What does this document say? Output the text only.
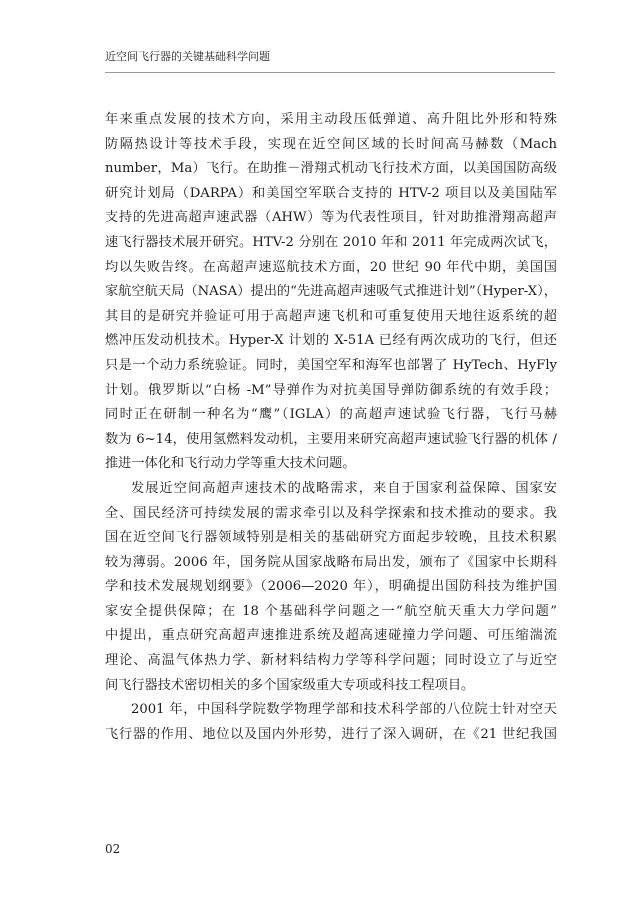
近空间飞行器的关键基础科学问题
年来重点发展的技术方向，采用主动段压低弹道、高升阻比外形和特殊
防隔热设计等技术手段，实现在近空间区域的长时间高马赫数（Mach
number，Ma）飞行。在助推－滑翔式机动飞行技术方面，以美国国防高级
研究计划局（DARPA）和美国空军联合支持的 HTV-2 项目以及美国陆军
支持的先进高超声速武器（AHW）等为代表性项目，针对助推滑翔高超声
速飞行器技术展开研究。HTV-2 分别在 2010 年和 2011 年完成两次试飞，
均以失败告终。在高超声速巡航技术方面，20 世纪 90 年代中期，美国国
家航空航天局（NASA）提出的“先进高超声速吸气式推进计划”（Hyper-X），
其目的是研究并验证可用于高超声速飞机和可重复使用天地往返系统的超
燃冲压发动机技术。Hyper-X 计划的 X-51A 已经有两次成功的飞行，但还
只是一个动力系统验证。同时，美国空军和海军也部署了 HyTech、HyFly
计划。俄罗斯以“白杨 -M”导弹作为对抗美国导弹防御系统的有效手段；
同时正在研制一种名为“鹰”（IGLA）的高超声速试验飞行器，飞行马赫
数为 6~14，使用氢燃料发动机，主要用来研究高超声速试验飞行器的机体 /
推进一体化和飞行动力学等重大技术问题。
发展近空间高超声速技术的战略需求，来自于国家利益保障、国家安
全、国民经济可持续发展的需求牵引以及科学探索和技术推动的要求。我
国在近空间飞行器领域特别是相关的基础研究方面起步较晚，且技术积累
较为薄弱。2006 年，国务院从国家战略布局出发，颁布了《国家中长期科
学和技术发展规划纲要》（2006—2020 年），明确提出国防科技为维护国
家安全提供保障；在 18 个基础科学问题之一“航空航天重大力学问题”
中提出，重点研究高超声速推进系统及超高速碰撞力学问题、可压缩湍流
理论、高温气体热力学、新材料结构力学等科学问题；同时设立了与近空
间飞行器技术密切相关的多个国家级重大专项或科技工程项目。
2001 年，中国科学院数学物理学部和技术科学部的八位院士针对空天
飞行器的作用、地位以及国内外形势，进行了深入调研，在《21 世纪我国
02
